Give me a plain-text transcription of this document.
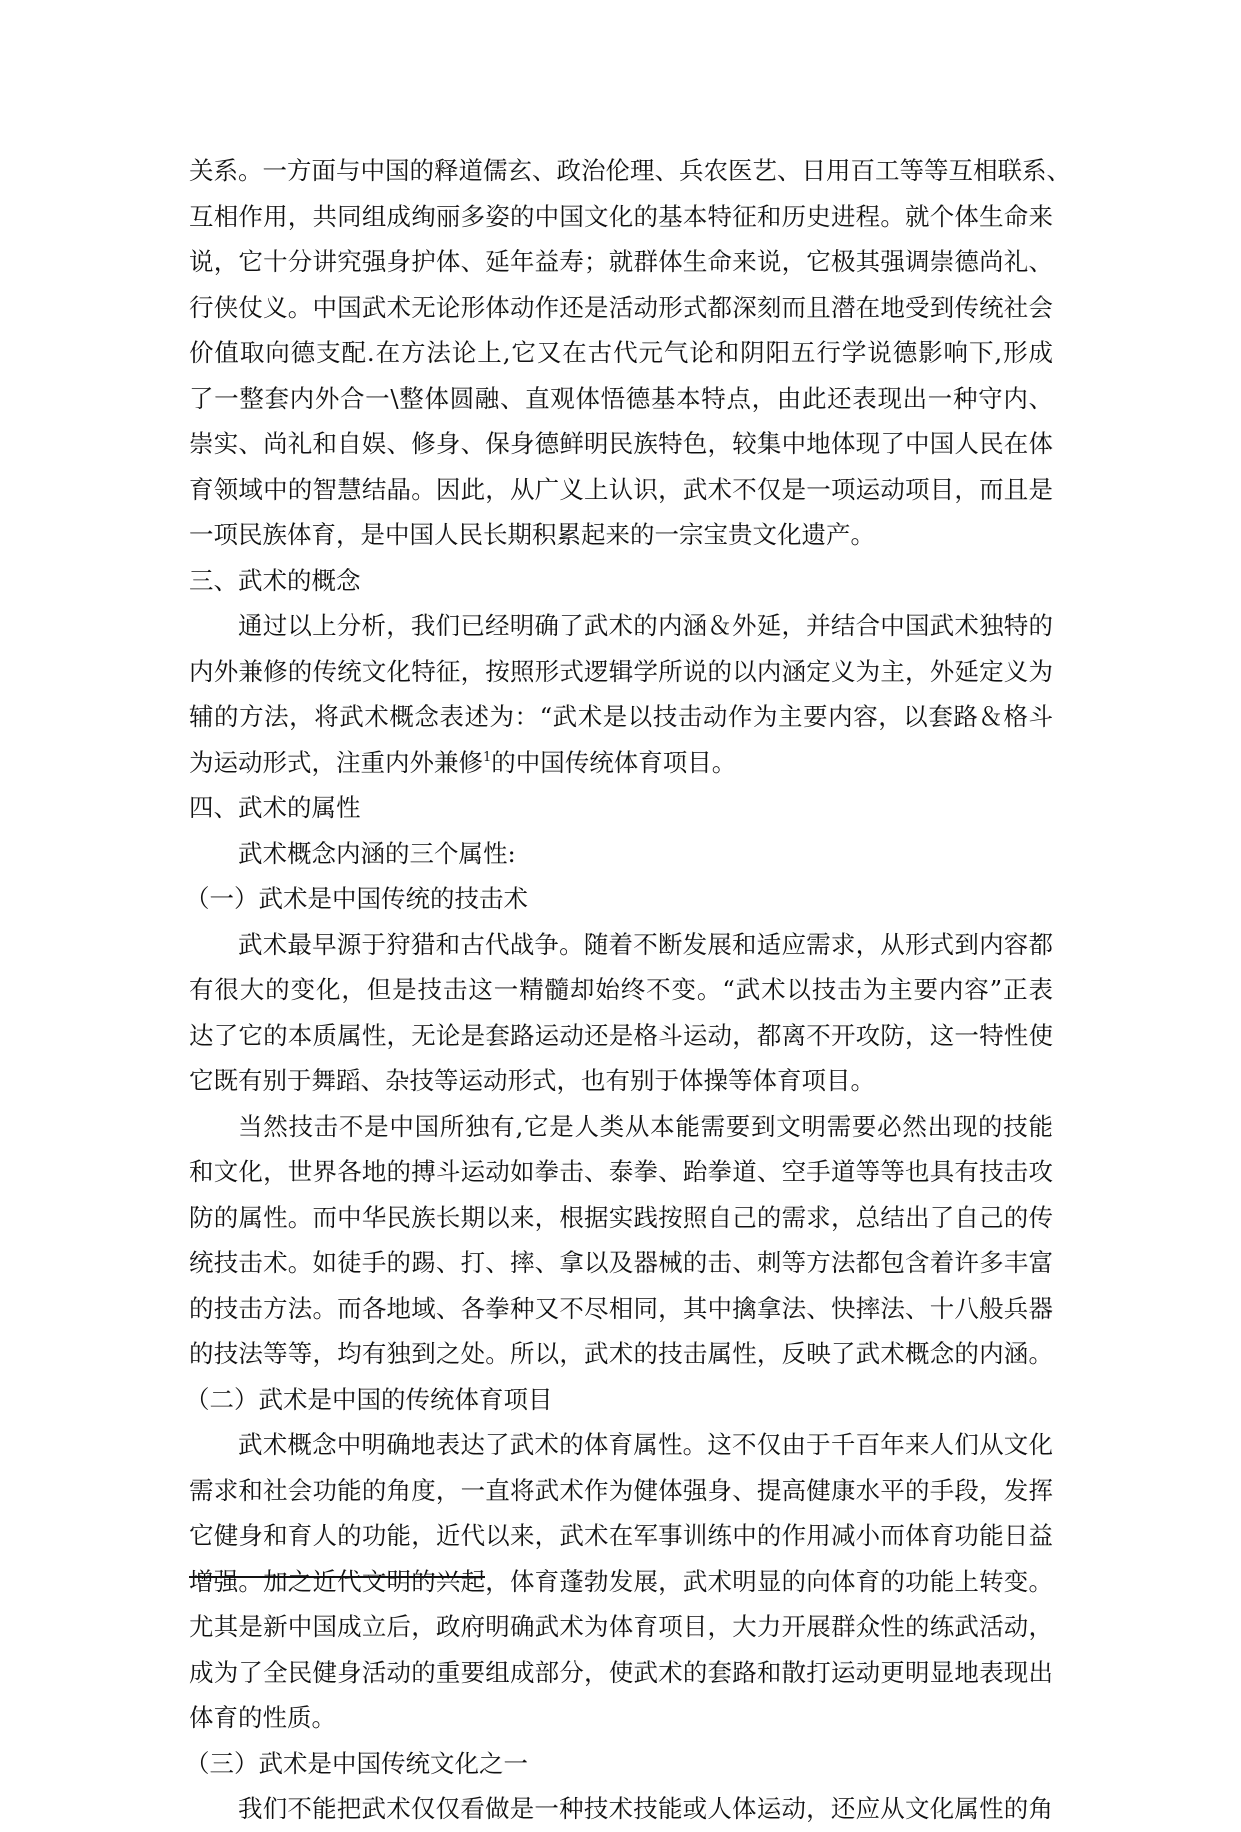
关系。一方面与中国的释道儒玄、政治伦理、兵农医艺、日用百工等等互相联系、
互相作用，共同组成绚丽多姿的中国文化的基本特征和历史进程。就个体生命来
说，它十分讲究强身护体、延年益寿；就群体生命来说，它极其强调崇德尚礼、
行侠仗义。中国武术无论形体动作还是活动形式都深刻而且潜在地受到传统社会
价值取向德支配.在方法论上,它又在古代元气论和阴阳五行学说德影响下,形成
了一整套内外合一\整体圆融、直观体悟德基本特点，由此还表现出一种守内、
崇实、尚礼和自娱、修身、保身德鲜明民族特色，较集中地体现了中国人民在体
育领域中的智慧结晶。因此，从广义上认识，武术不仅是一项运动项目，而且是
一项民族体育，是中国人民长期积累起来的一宗宝贵文化遗产。
三、武术的概念
通过以上分析，我们已经明确了武术的内涵＆外延，并结合中国武术独特的
内外兼修的传统文化特征，按照形式逻辑学所说的以内涵定义为主，外延定义为
辅的方法，将武术概念表述为：“武术是以技击动作为主要内容，以套路＆格斗
为运动形式，注重内外兼修$^1$的中国传统体育项目。
四、武术的属性
武术概念内涵的三个属性:
（一）武术是中国传统的技击术
武术最早源于狩猎和古代战争。随着不断发展和适应需求，从形式到内容都
有很大的变化，但是技击这一精髓却始终不变。“武术以技击为主要内容”正表
达了它的本质属性，无论是套路运动还是格斗运动，都离不开攻防，这一特性使
它既有别于舞蹈、杂技等运动形式，也有别于体操等体育项目。
当然技击不是中国所独有,它是人类从本能需要到文明需要必然出现的技能
和文化，世界各地的搏斗运动如拳击、泰拳、跆拳道、空手道等等也具有技击攻
防的属性。而中华民族长期以来，根据实践按照自己的需求，总结出了自己的传
统技击术。如徒手的踢、打、摔、拿以及器械的击、刺等方法都包含着许多丰富
的技击方法。而各地域、各拳种又不尽相同，其中擒拿法、快摔法、十八般兵器
的技法等等，均有独到之处。所以，武术的技击属性，反映了武术概念的内涵。
（二）武术是中国的传统体育项目
武术概念中明确地表达了武术的体育属性。这不仅由于千百年来人们从文化
需求和社会功能的角度，一直将武术作为健体强身、提高健康水平的手段，发挥
它健身和育人的功能，近代以来，武术在军事训练中的作用减小而体育功能日益
增强。加之近代文明的兴起，体育蓬勃发展，武术明显的向体育的功能上转变。
尤其是新中国成立后，政府明确武术为体育项目，大力开展群众性的练武活动，
成为了全民健身活动的重要组成部分，使武术的套路和散打运动更明显地表现出
体育的性质。
（三）武术是中国传统文化之一
我们不能把武术仅仅看做是一种技术技能或人体运动，还应从文化属性的角
